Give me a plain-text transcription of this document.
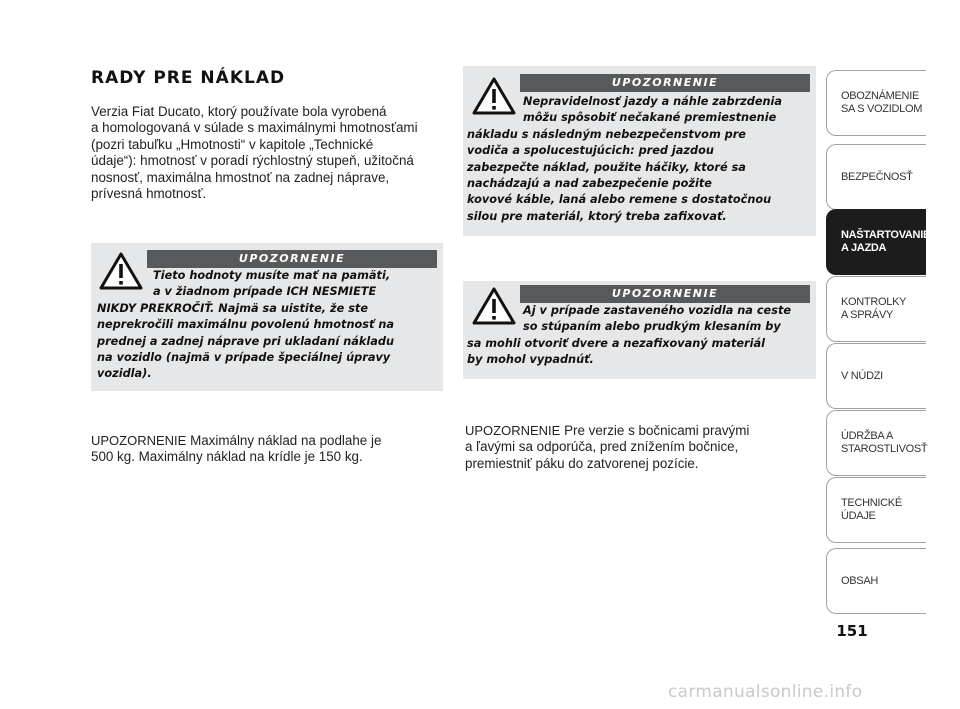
RADY PRE NÁKLAD

Verzia Fiat Ducato, ktorý používate bola vyrobená
a homologovaná v súlade s maximálnymi hmotnosťami
(pozri tabuľku „Hmotnosti“ v kapitole „Technické
údaje“): hmotnosť v poradí rýchlostný stupeň, užitočná
nosnosť, maximálna hmostnoť na zadnej náprave,
prívesná hmotnosť.

UPOZORNENIE

Tieto hodnoty musíte mať na pamäti,
a v žiadnom prípade ICH NESMIETE
NIKDY PREKROČIŤ. Najmä sa uistite, že ste
neprekročili maximálnu povolenú hmotnosť na
prednej a zadnej náprave pri ukladaní nákladu
na vozidlo (najmä v prípade špeciálnej úpravy
vozidla).

UPOZORNENIE Maximálny náklad na podlahe je
500 kg. Maximálny náklad na krídle je 150 kg.

UPOZORNENIE

Nepravidelnosť jazdy a náhle zabrzdenia
môžu spôsobiť nečakané premiestnenie
nákladu s následným nebezpečenstvom pre
vodiča a spolucestujúcich: pred jazdou
zabezpečte náklad, použite háčiky, ktoré sa
nachádzajú a nad zabezpečenie požite
kovové káble, laná alebo remene s dostatočnou
silou pre materiál, ktorý treba zafixovať.

UPOZORNENIE

Aj v prípade zastaveného vozidla na ceste
so stúpaním alebo prudkým klesaním by
sa mohli otvoriť dvere a nezafixovaný materiál
by mohol vypadnúť.

UPOZORNENIE Pre verzie s bočnicami pravými
a ľavými sa odporúča, pred znížením bočnice,
premiestniť páku do zatvorenej pozície.

OBOZNÁMENIE
SA S VOZIDLOM
BEZPEČNOSŤ
NAŠTARTOVANIE
A JAZDA
KONTROLKY
A SPRÁVY
V NÚDZI
ÚDRŽBA A
STAROSTLIVOSŤ
TECHNICKÉ
ÚDAJE
OBSAH
151
carmanualsonline.info
